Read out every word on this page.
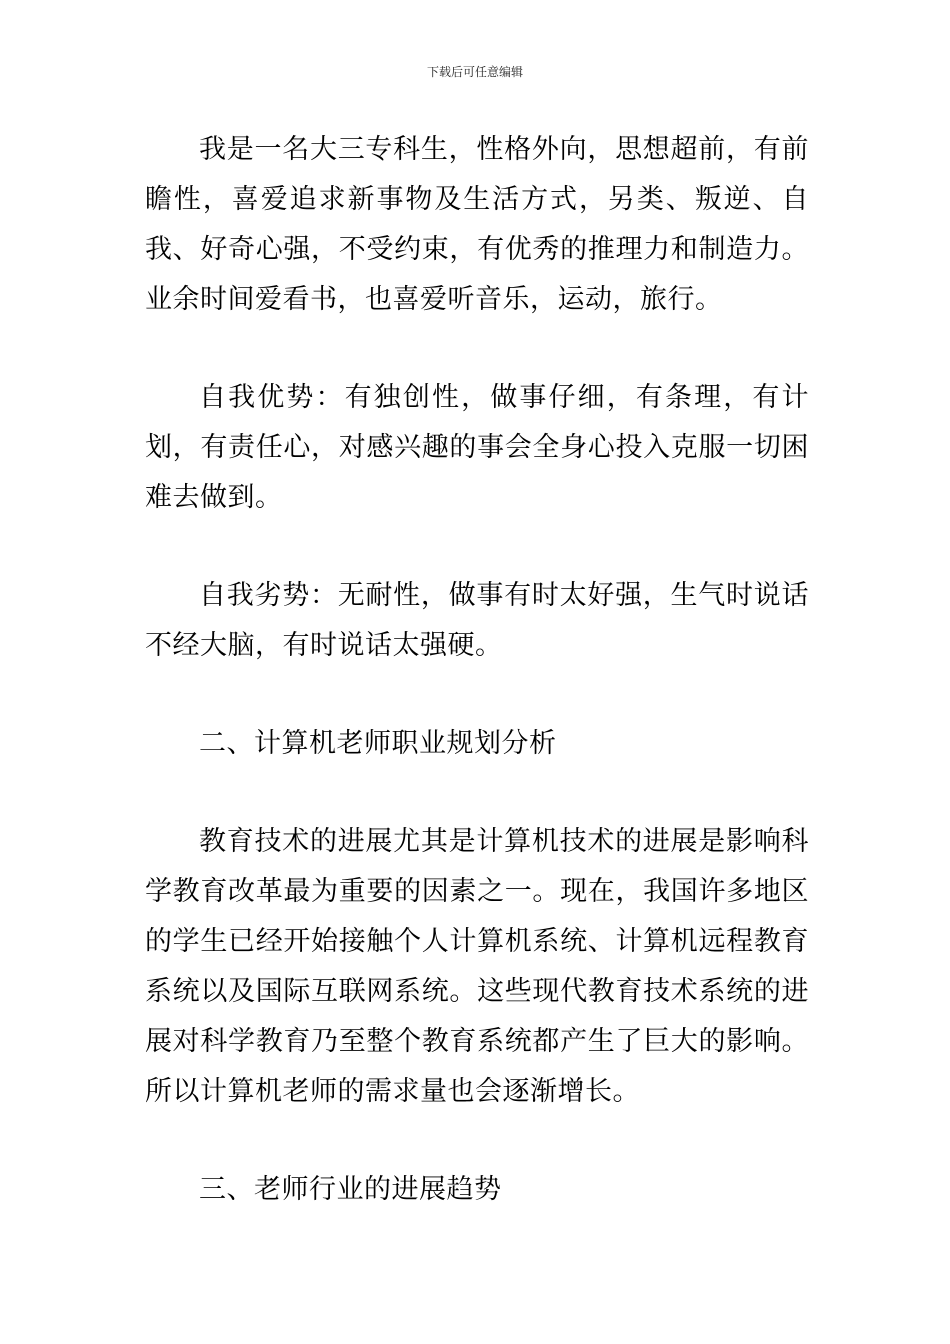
下载后可任意编辑

我是一名大三专科生，性格外向，思想超前，有前瞻性，喜爱追求新事物及生活方式，另类、叛逆、自我、好奇心强，不受约束，有优秀的推理力和制造力。业余时间爱看书，也喜爱听音乐，运动，旅行。

自我优势：有独创性，做事仔细，有条理，有计划，有责任心，对感兴趣的事会全身心投入克服一切困难去做到。

自我劣势：无耐性，做事有时太好强，生气时说话不经大脑，有时说话太强硬。

二、计算机老师职业规划分析

教育技术的进展尤其是计算机技术的进展是影响科学教育改革最为重要的因素之一。现在，我国许多地区的学生已经开始接触个人计算机系统、计算机远程教育系统以及国际互联网系统。这些现代教育技术系统的进展对科学教育乃至整个教育系统都产生了巨大的影响。所以计算机老师的需求量也会逐渐增长。

三、老师行业的进展趋势
